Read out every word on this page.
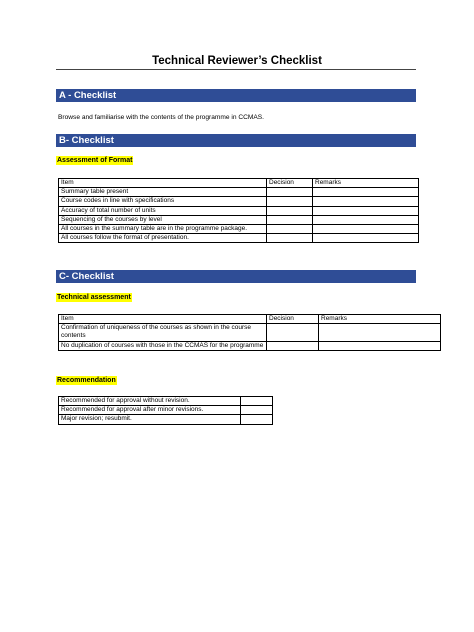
Technical Reviewer’s Checklist
A - Checklist
Browse and familiarise with the contents of the programme in CCMAS.
B- Checklist
Assessment of Format
Item	Decision	Remarks
Summary table present		
Course codes in line with specifications		
Accuracy of total number of units		
Sequencing of the courses by level		
All courses in the summary table are in the programme package.		
All courses follow the format of presentation.		
C- Checklist
Technical assessment
Item	Decision	Remarks
Confirmation of uniqueness of the courses as shown in the course contents		
No duplication of courses with those in the CCMAS for the programme		
Recommendation
Recommended for approval without revision.	
Recommended for approval after minor revisions.	
Major revision; resubmit.	
